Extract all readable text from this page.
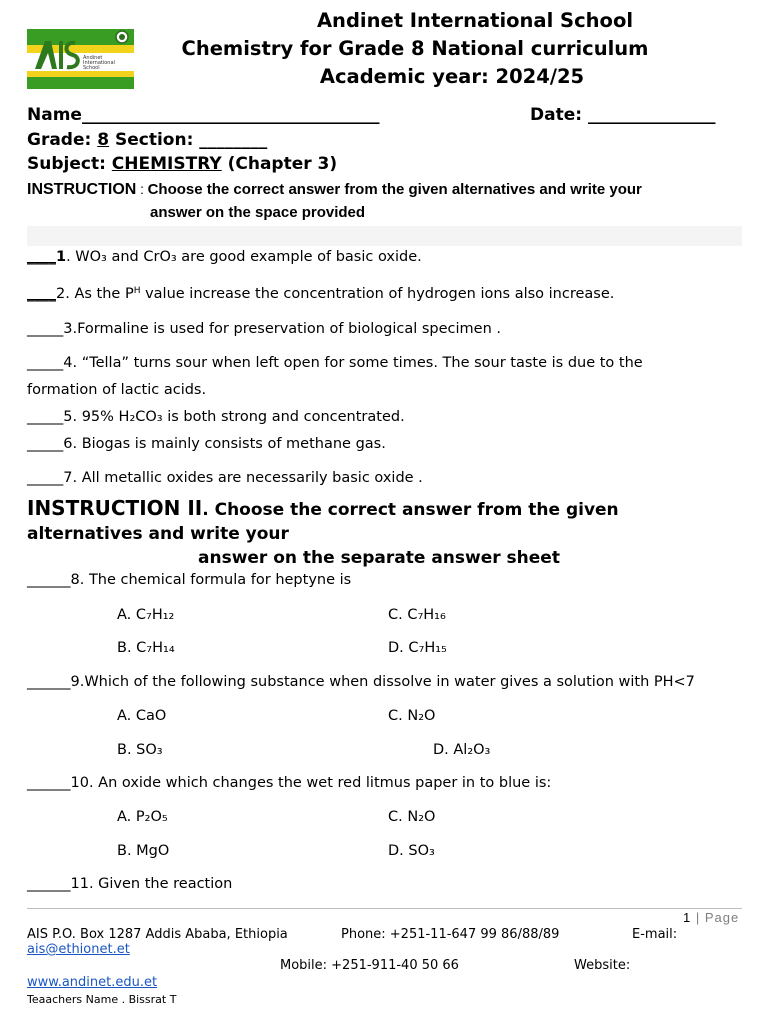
Andinet
International
School
Andinet International School
Chemistry for Grade 8 National curriculum
Academic year: 2024/25
Name___________________________________	Date: _______________
Grade: 8 Section: ________
Subject: CHEMISTRY (Chapter 3)
INSTRUCTION : Choose the correct answer from the given alternatives and write your
answer on the space provided
____1. WO₃ and CrO₃ are good example of basic oxide.
____2. As the $P^H$ value increase the concentration of hydrogen ions also increase.
_____3.Formaline is used for preservation of biological specimen .
_____4. “Tella” turns sour when left open for some times. The sour taste is due to the
formation of lactic acids.
_____5. 95% H₂CO₃ is both strong and concentrated.
_____6. Biogas is mainly consists of methane gas.
_____7. All metallic oxides are necessarily basic oxide .
INSTRUCTION II. Choose the correct answer from the given
alternatives and write your
answer on the separate answer sheet
______8. The chemical formula for heptyne is
A. C₇H₁₂	C. C₇H₁₆
B. C₇H₁₄	D. C₇H₁₅
______9.Which of the following substance when dissolve in water gives a solution with PH<7
A. CaO	C. N₂O
B. SO₃	D. Al₂O₃
______10. An oxide which changes the wet red litmus paper in to blue is:
A. P₂O₅	C. N₂O
B. MgO	D. SO₃
______11. Given the reaction
1 | Page
AIS P.O. Box 1287 Addis Ababa, Ethiopia	Phone: +251-11-647 99 86/88/89	E-mail:
ais@ethionet.et
Mobile: +251-911-40 50 66	Website:
www.andinet.edu.et
Teaachers Name . Bissrat T
